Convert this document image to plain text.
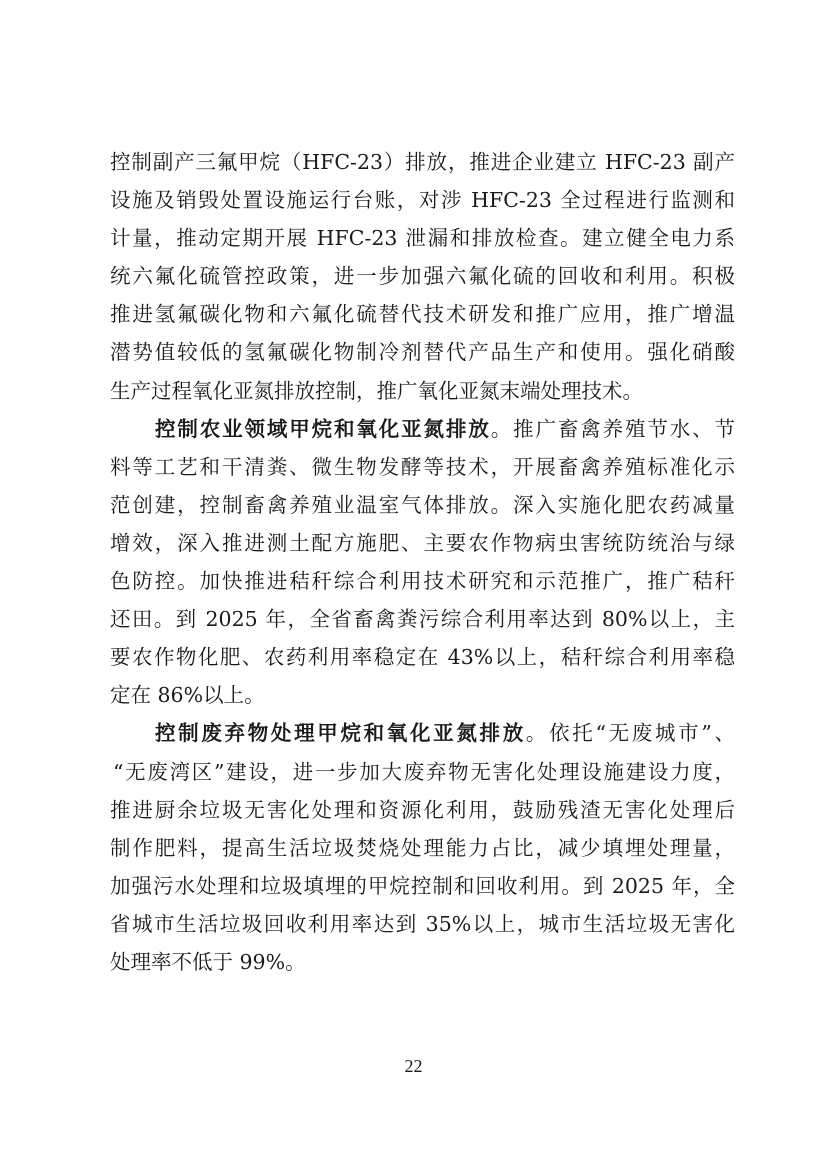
控制副产三氟甲烷（HFC-23）排放，推进企业建立 HFC-23 副产
设施及销毁处置设施运行台账，对涉 HFC-23 全过程进行监测和
计量，推动定期开展 HFC-23 泄漏和排放检查。建立健全电力系
统六氟化硫管控政策，进一步加强六氟化硫的回收和利用。积极
推进氢氟碳化物和六氟化硫替代技术研发和推广应用，推广增温
潜势值较低的氢氟碳化物制冷剂替代产品生产和使用。强化硝酸
生产过程氧化亚氮排放控制，推广氧化亚氮末端处理技术。
控制农业领域甲烷和氧化亚氮排放。推广畜禽养殖节水、节
料等工艺和干清粪、微生物发酵等技术，开展畜禽养殖标准化示
范创建，控制畜禽养殖业温室气体排放。深入实施化肥农药减量
增效，深入推进测土配方施肥、主要农作物病虫害统防统治与绿
色防控。加快推进秸秆综合利用技术研究和示范推广，推广秸秆
还田。到 2025 年，全省畜禽粪污综合利用率达到 80%以上，主
要农作物化肥、农药利用率稳定在 43%以上，秸秆综合利用率稳
定在 86%以上。
控制废弃物处理甲烷和氧化亚氮排放。依托“无废城市”、
“无废湾区”建设，进一步加大废弃物无害化处理设施建设力度，
推进厨余垃圾无害化处理和资源化利用，鼓励残渣无害化处理后
制作肥料，提高生活垃圾焚烧处理能力占比，减少填埋处理量，
加强污水处理和垃圾填埋的甲烷控制和回收利用。到 2025 年，全
省城市生活垃圾回收利用率达到 35%以上，城市生活垃圾无害化
处理率不低于 99%。
22
